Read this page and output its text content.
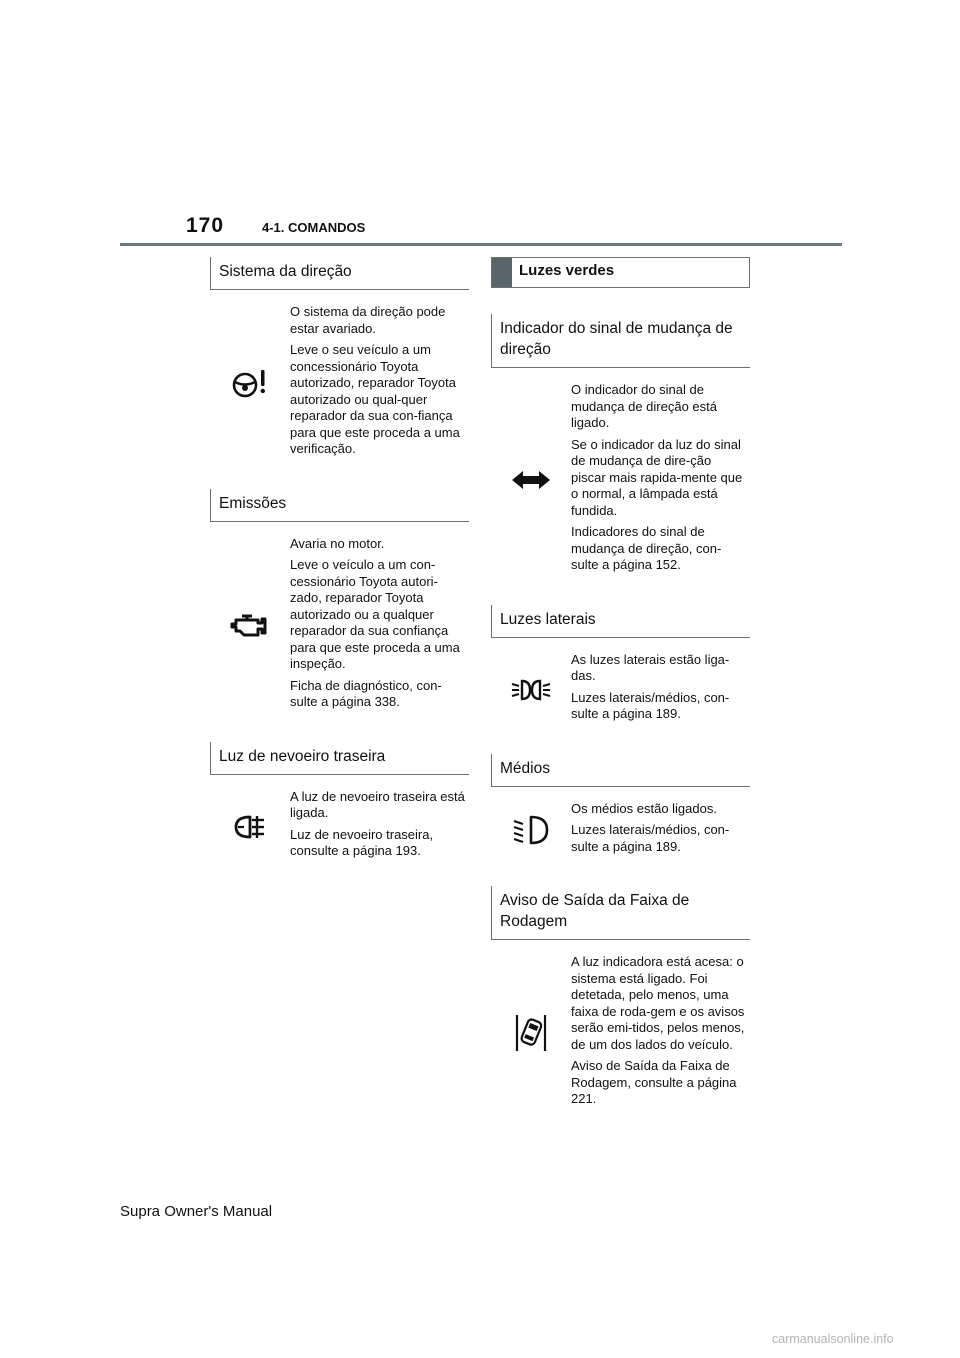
170	4-1. COMANDOS
Sistema da direção

O sistema da direção pode estar avariado.

Leve o seu veículo a um concessionário Toyota autorizado, reparador Toyota autorizado ou qual-quer reparador da sua con-fiança para que este proceda a uma verificação.

Emissões

Avaria no motor.

Leve o veículo a um con-cessionário Toyota autori-zado, reparador Toyota autorizado ou a qualquer reparador da sua confiança para que este proceda a uma inspeção.

Ficha de diagnóstico, con-sulte a página 338.

Luz de nevoeiro traseira

A luz de nevoeiro traseira está ligada.

Luz de nevoeiro traseira, consulte a página 193.

Luzes verdes
Indicador do sinal de mudança de direção

O indicador do sinal de mudança de direção está ligado.

Se o indicador da luz do sinal de mudança de dire-ção piscar mais rapida-mente que o normal, a lâmpada está fundida.

Indicadores do sinal de mudança de direção, con-sulte a página 152.

Luzes laterais

As luzes laterais estão liga-das.

Luzes laterais/médios, con-sulte a página 189.

Médios

Os médios estão ligados.

Luzes laterais/médios, con-sulte a página 189.

Aviso de Saída da Faixa de Rodagem

A luz indicadora está acesa: o sistema está ligado. Foi detetada, pelo menos, uma faixa de roda-gem e os avisos serão emi-tidos, pelos menos, de um dos lados do veículo.

Aviso de Saída da Faixa de Rodagem, consulte a página 221.

Supra Owner's Manual
carmanualsonline.info
